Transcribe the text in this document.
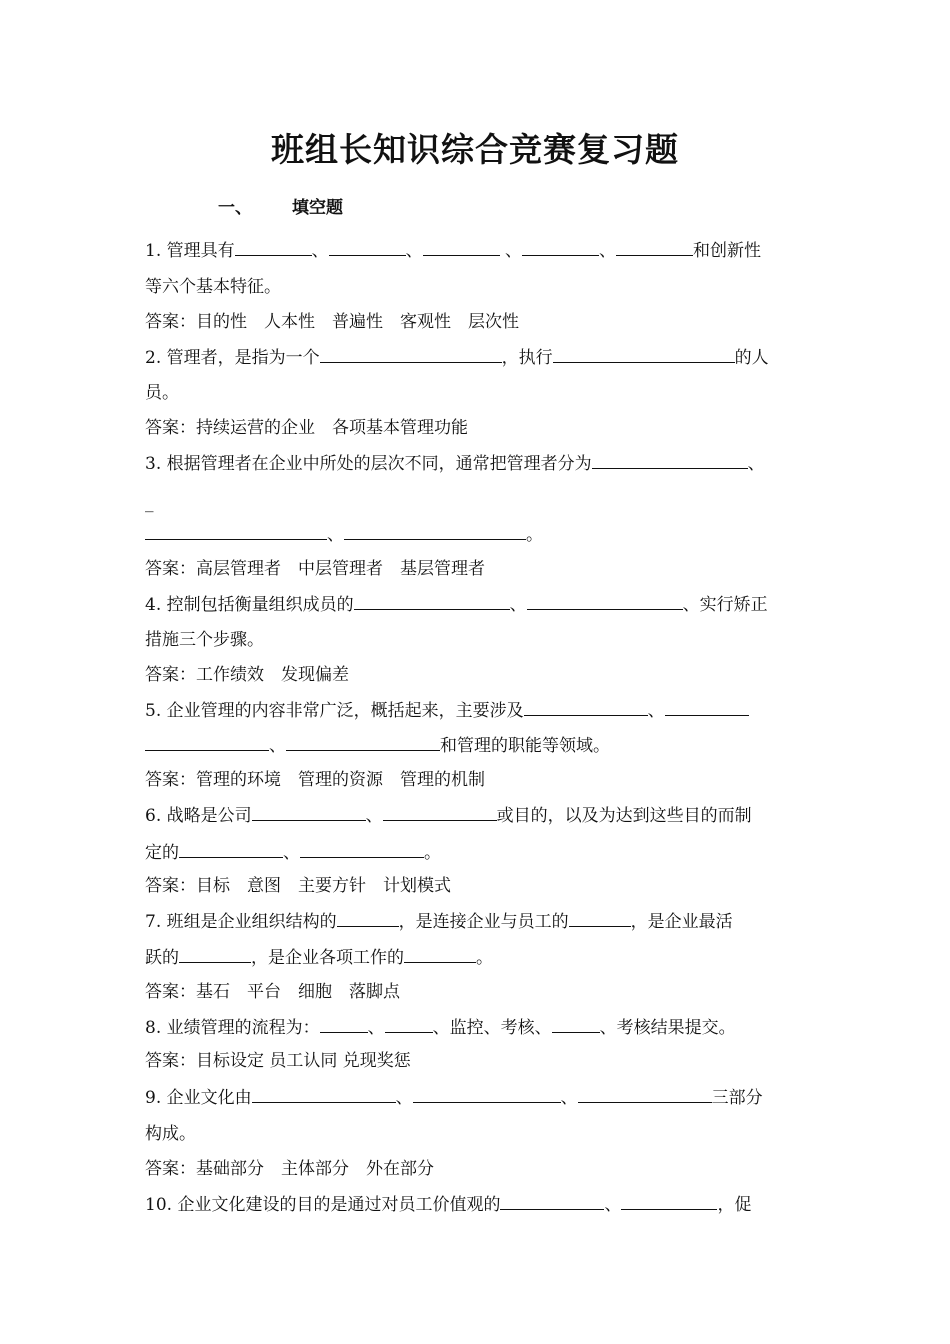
班组长知识综合竞赛复习题
一、 填空题
1. 管理具有	、	、	、	、	和创新性
等六个基本特征。
答案：目的性　人本性　普遍性　客观性　层次性
2. 管理者，是指为一个	，执行	的人
员。
答案：持续运营的企业　各项基本管理功能
3. 根据管理者在企业中所处的层次不同，通常把管理者分为	、
_
、	。
答案：高层管理者　中层管理者　基层管理者
4. 控制包括衡量组织成员的	、	、实行矫正
措施三个步骤。
答案：工作绩效　发现偏差
5. 企业管理的内容非常广泛，概括起来，主要涉及	、
、	和管理的职能等领域。
答案：管理的环境　管理的资源　管理的机制
6. 战略是公司	、	或目的，以及为达到这些目的而制
定的	、	。
答案：目标　意图　主要方针　计划模式
7. 班组是企业组织结构的	，是连接企业与员工的	，是企业最活
跃的	，是企业各项工作的	。
答案：基石　平台　细胞　落脚点
8. 业绩管理的流程为：	、	、监控、考核、	、考核结果提交。
答案：目标设定 员工认同 兑现奖惩
9. 企业文化由	、	、	三部分
构成。
答案：基础部分　主体部分　外在部分
10. 企业文化建设的目的是通过对员工价值观的	、	，促
